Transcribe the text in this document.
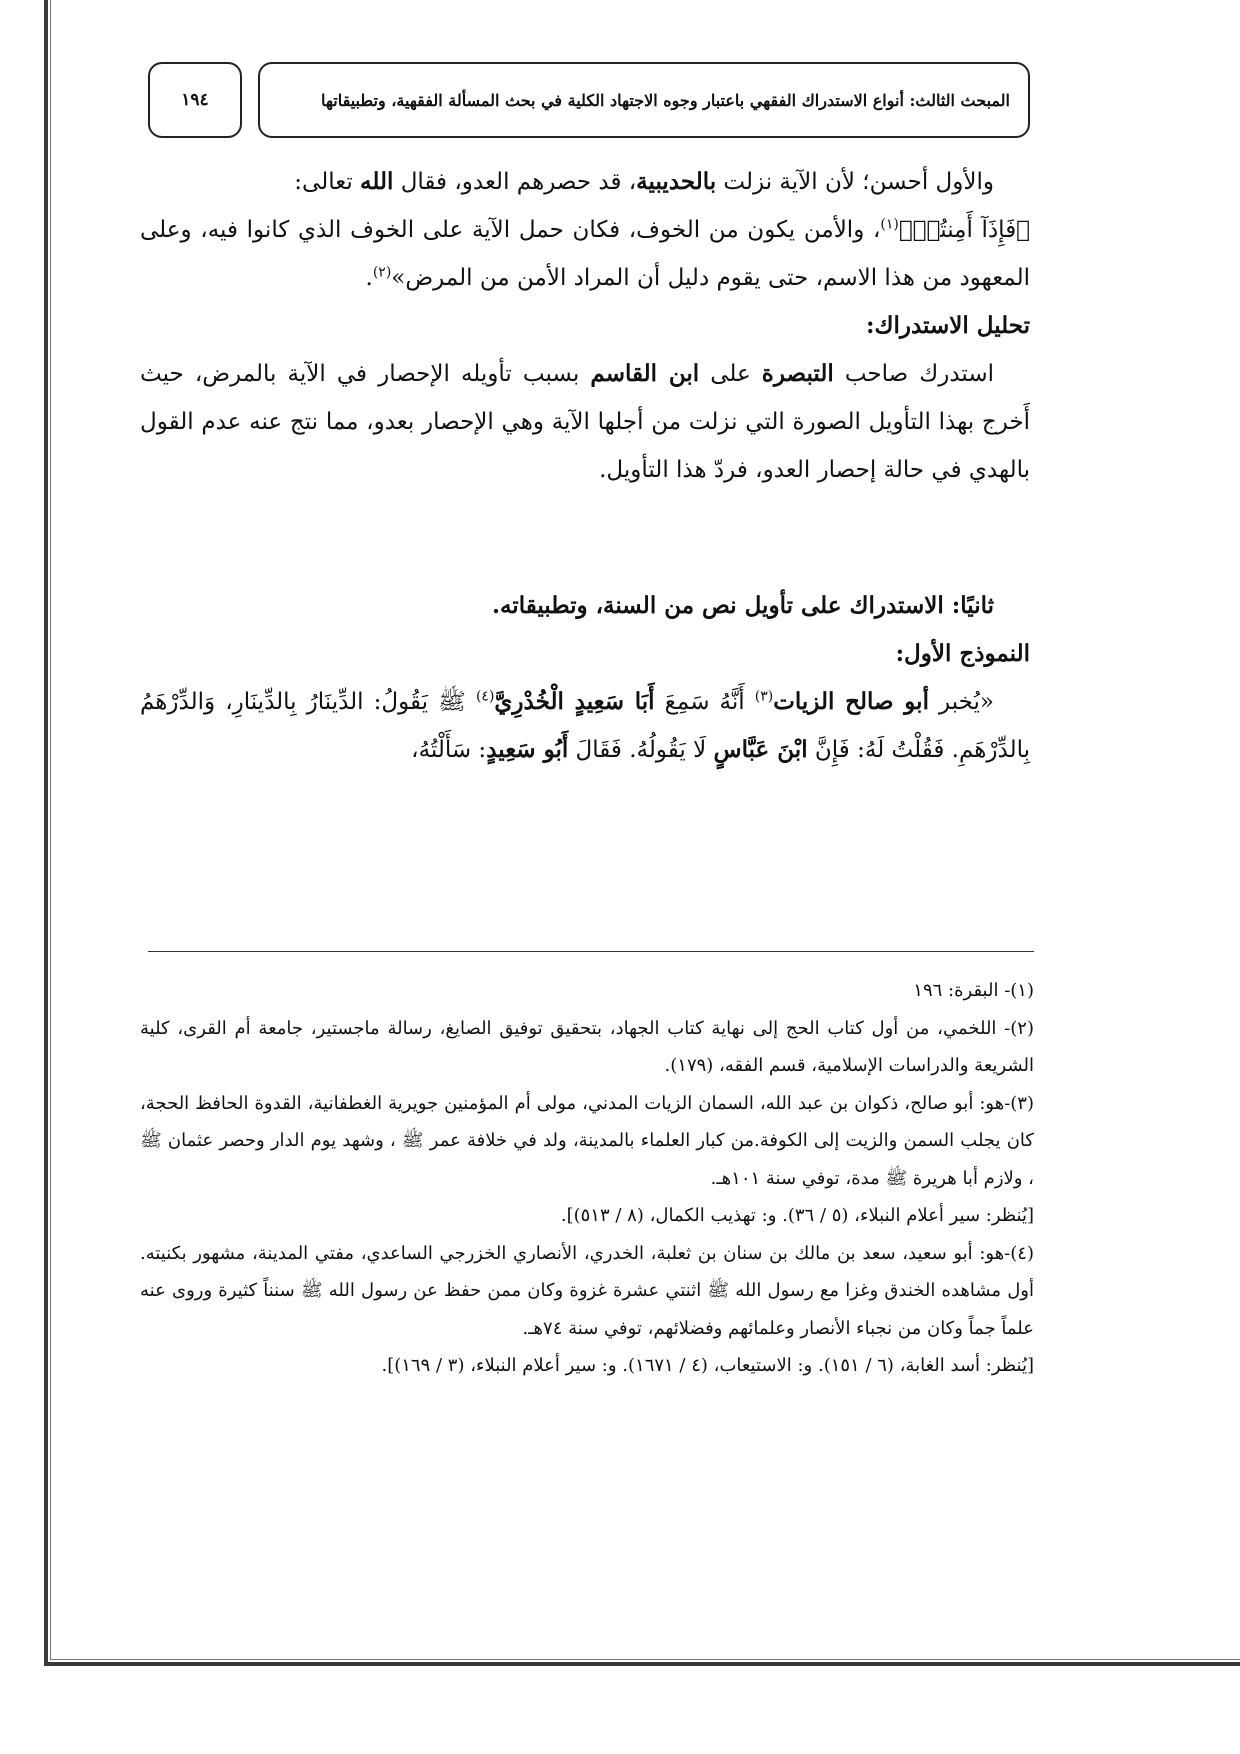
المبحث الثالث: أنواع الاستدراك الفقهي باعتبار وجوه الاجتهاد الكلية في بحث المسألة الفقهية، وتطبيقاتها
١٩٤

والأول أحسن؛ لأن الآية نزلت بالحديبية، قد حصرهم العدو، فقال الله تعالى:

﴿فَإِذَآ أَمِنتُمۡ﴾$^{(١)}$، والأمن يكون من الخوف، فكان حمل الآية على الخوف الذي كانوا فيه، وعلى المعهود من هذا الاسم، حتى يقوم دليل أن المراد الأمن من المرض»$^{(٢)}$.

تحليل الاستدراك:

استدرك صاحب التبصرة على ابن القاسم بسبب تأويله الإحصار في الآية بالمرض، حيث أَخرج بهذا التأويل الصورة التي نزلت من أجلها الآية وهي الإحصار بعدو، مما نتج عنه عدم القول بالهدي في حالة إحصار العدو، فردّ هذا التأويل.

ثانيًا: الاستدراك على تأويل نص من السنة، وتطبيقاته.

النموذج الأول:

«يُخبر أبو صالح الزيات$^{(٣)}$ أَنَّهُ سَمِعَ أَبَا سَعِيدٍ الْخُدْرِيَّ$^{(٤)}$ ﷺ يَقُولُ: الدِّينَارُ بِالدِّينَارِ، وَالدِّرْهَمُ بِالدِّرْهَمِ. فَقُلْتُ لَهُ: فَإِنَّ ابْنَ عَبَّاسٍ لَا يَقُولُهُ. فَقَالَ أَبُو سَعِيدٍ: سَأَلْتُهُ،

(١)- البقرة: ١٩٦

(٢)- اللخمي، من أول كتاب الحج إلى نهاية كتاب الجهاد، بتحقيق توفيق الصايغ، رسالة ماجستير، جامعة أم القرى، كلية الشريعة والدراسات الإسلامية، قسم الفقه، (١٧٩).

(٣)-هو: أبو صالح، ذكوان بن عبد الله، السمان الزيات المدني، مولى أم المؤمنين جويرية الغطفانية، القدوة الحافظ الحجة، كان يجلب السمن والزيت إلى الكوفة.من كبار العلماء بالمدينة، ولد في خلافة عمر ﷺ ، وشهد يوم الدار وحصر عثمان ﷺ ، ولازم أبا هريرة ﷺ مدة، توفي سنة ١٠١هـ.

[يُنظر: سير أعلام النبلاء، (٥ / ٣٦). و: تهذيب الكمال، (٨ / ٥١٣)].

(٤)-هو: أبو سعيد، سعد بن مالك بن سنان بن ثعلبة، الخدري، الأنصاري الخزرجي الساعدي، مفتي المدينة، مشهور بكنيته. أول مشاهده الخندق وغزا مع رسول الله ﷺ اثنتي عشرة غزوة وكان ممن حفظ عن رسول الله ﷺ سنناً كثيرة وروى عنه علماً جماً وكان من نجباء الأنصار وعلمائهم وفضلائهم، توفي سنة ٧٤هـ.

[يُنظر: أسد الغابة، (٦ / ١٥١). و: الاستيعاب، (٤ / ١٦٧١). و: سير أعلام النبلاء، (٣ / ١٦٩)].
